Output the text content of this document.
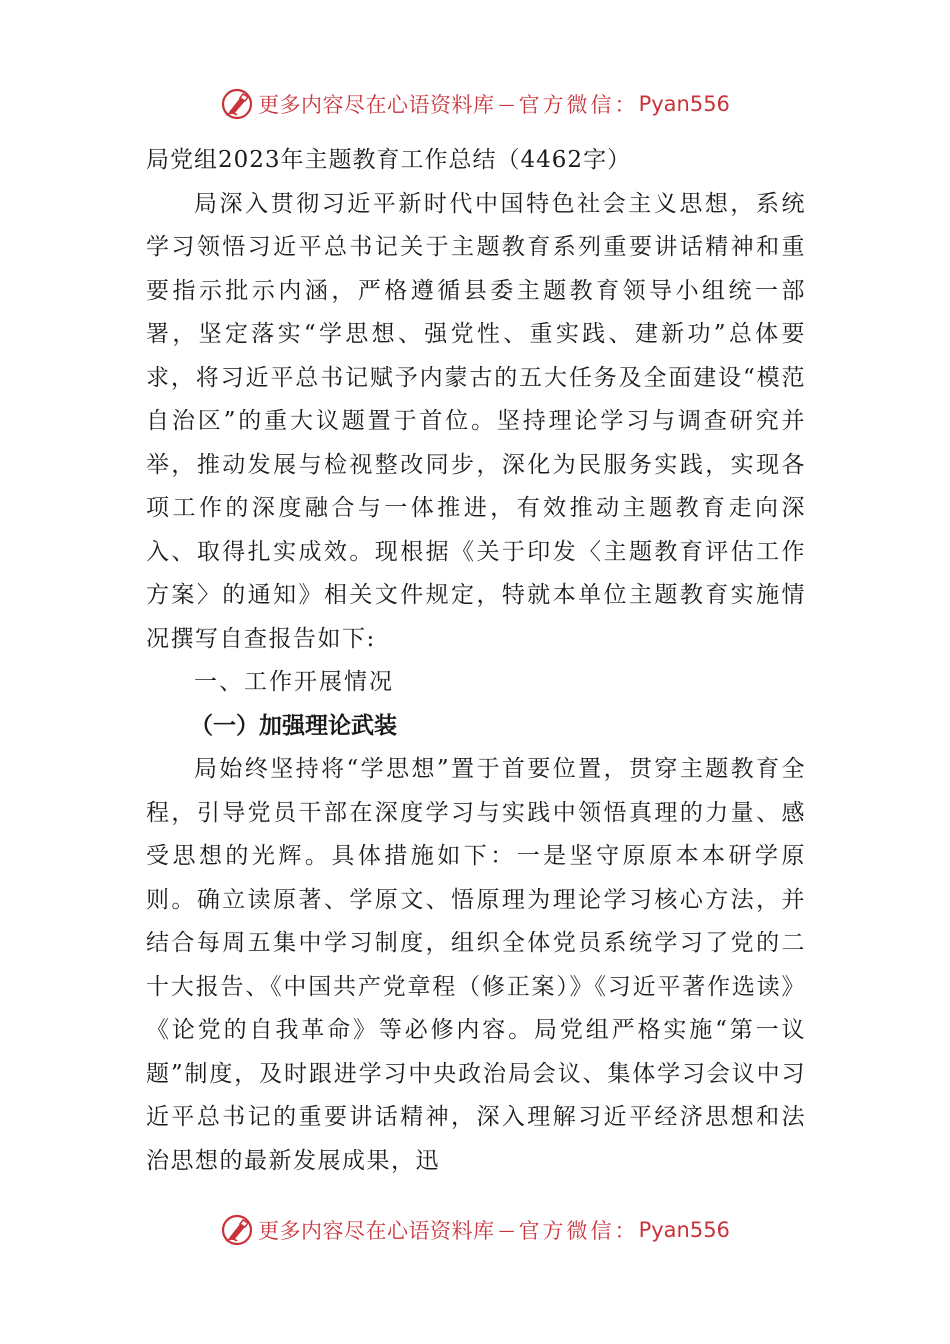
更多内容尽在心语资料库 — 官方微信： Pyan556
局党组2023年主题教育工作总结（4462字）

局深入贯彻习近平新时代中国特色社会主义思想，系统学习领悟习近平总书记关于主题教育系列重要讲话精神和重要指示批示内涵，严格遵循县委主题教育领导小组统一部署，坚定落实“学思想、强党性、重实践、建新功”总体要求，将习近平总书记赋予内蒙古的五大任务及全面建设“模范自治区”的重大议题置于首位。坚持理论学习与调查研究并举，推动发展与检视整改同步，深化为民服务实践，实现各项工作的深度融合与一体推进，有效推动主题教育走向深入、取得扎实成效。现根据《关于印发〈主题教育评估工作方案〉的通知》相关文件规定，特就本单位主题教育实施情况撰写自查报告如下:

一、工作开展情况

（一）加强理论武装

局始终坚持将“学思想”置于首要位置，贯穿主题教育全程，引导党员干部在深度学习与实践中领悟真理的力量、感受思想的光辉。具体措施如下：一是坚守原原本本研学原则。确立读原著、学原文、悟原理为理论学习核心方法，并结合每周五集中学习制度，组织全体党员系统学习了党的二十大报告、《中国共产党章程（修正案）》《习近平著作选读》《论党的自我革命》等必修内容。局党组严格实施“第一议题”制度，及时跟进学习中央政治局会议、集体学习会议中习近平总书记的重要讲话精神，深入理解习近平经济思想和法治思想的最新发展成果，迅

更多内容尽在心语资料库 — 官方微信： Pyan556
